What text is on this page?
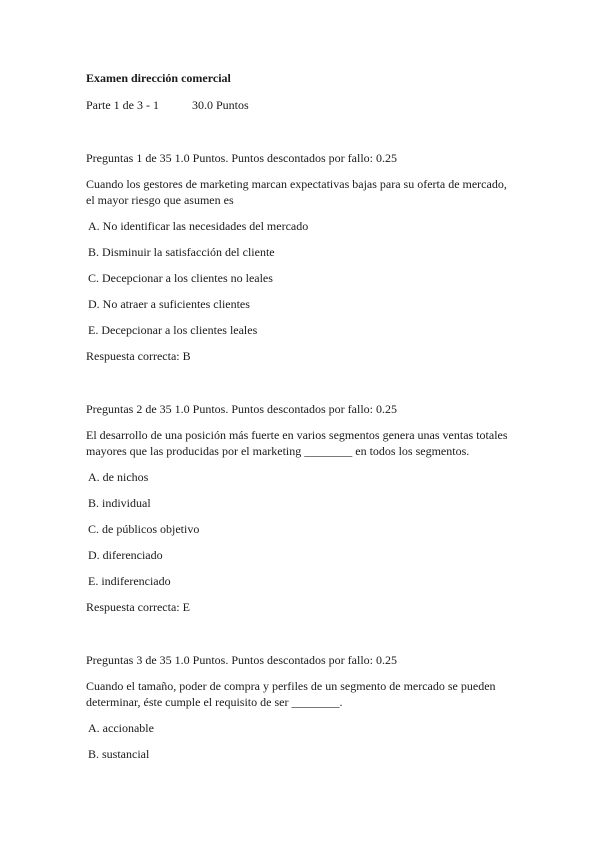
Examen dirección comercial
Parte 1 de 3 - 1	30.0 Puntos
Preguntas 1 de 35 1.0 Puntos. Puntos descontados por fallo: 0.25
Cuando los gestores de marketing marcan expectativas bajas para su oferta de mercado,
el mayor riesgo que asumen es
A. No identificar las necesidades del mercado
B. Disminuir la satisfacción del cliente
C. Decepcionar a los clientes no leales
D. No atraer a suficientes clientes
E. Decepcionar a los clientes leales
Respuesta correcta: B
Preguntas 2 de 35 1.0 Puntos. Puntos descontados por fallo: 0.25
El desarrollo de una posición más fuerte en varios segmentos genera unas ventas totales
mayores que las producidas por el marketing ________ en todos los segmentos.
A. de nichos
B. individual
C. de públicos objetivo
D. diferenciado
E. indiferenciado
Respuesta correcta: E
Preguntas 3 de 35 1.0 Puntos. Puntos descontados por fallo: 0.25
Cuando el tamaño, poder de compra y perfiles de un segmento de mercado se pueden
determinar, éste cumple el requisito de ser ________.
A. accionable
B. sustancial
